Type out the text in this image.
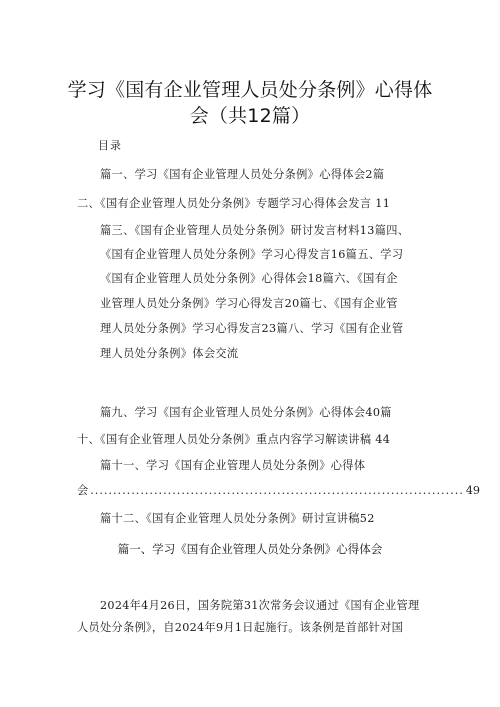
学习《国有企业管理人员处分条例》心得体
会（共12篇）
目录
篇一、学习《国有企业管理人员处分条例》心得体会2篇
二、《国有企业管理人员处分条例》专题学习心得体会发言 11
篇三、《国有企业管理人员处分条例》研讨发言材料13篇四、
《国有企业管理人员处分条例》学习心得发言16篇五、学习
《国有企业管理人员处分条例》心得体会18篇六、《国有企
业管理人员处分条例》学习心得发言20篇七、《国有企业管
理人员处分条例》学习心得发言23篇八、学习《国有企业管
理人员处分条例》体会交流
篇九、学习《国有企业管理人员处分条例》心得体会40篇
十、《国有企业管理人员处分条例》重点内容学习解读讲稿 44
篇十一、学习《国有企业管理人员处分条例》心得体
会 .................................................................................. 49
篇十二、《国有企业管理人员处分条例》研讨宣讲稿52
篇一、学习《国有企业管理人员处分条例》心得体会
2024年4月26日，国务院第31次常务会议通过《国有企业管理
人员处分条例》，自2024年9月1日起施行。该条例是首部针对国
